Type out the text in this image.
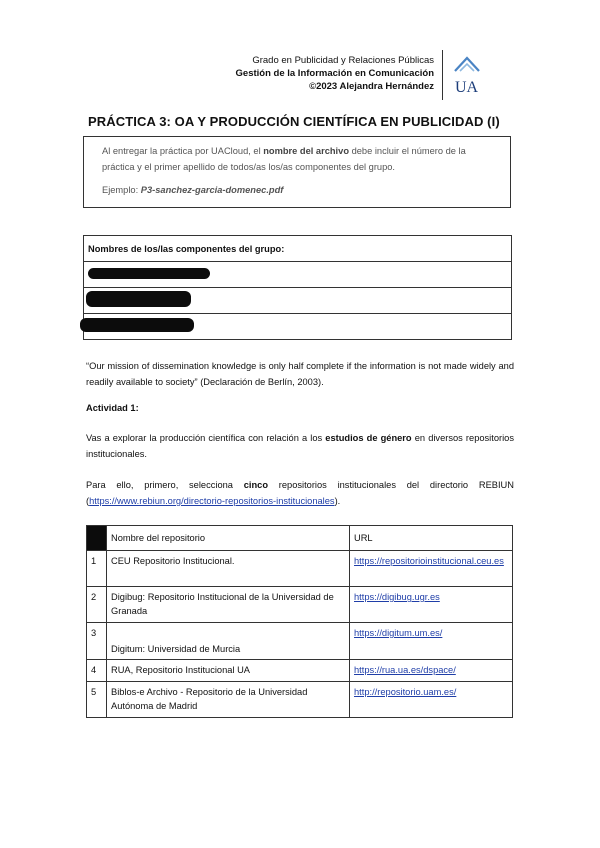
Grado en Publicidad y Relaciones Públicas
Gestión de la Información en Comunicación
©2023 Alejandra Hernández UA
PRÁCTICA 3: OA Y PRODUCCIÓN CIENTÍFICA EN PUBLICIDAD (I)
Al entregar la práctica por UACloud, el nombre del archivo debe incluir el número de la práctica y el primer apellido de todos/as los/as componentes del grupo.
Ejemplo: P3-sanchez-garcia-domenec.pdf
Nombres de los/las componentes del grupo:

“Our mission of dissemination knowledge is only half complete if the information is not made widely and readily available to society” (Declaración de Berlín, 2003).
Actividad 1:
Vas a explorar la producción científica con relación a los estudios de género en diversos repositorios institucionales.
Para ello, primero, selecciona cinco repositorios institucionales del directorio REBIUN (https://www.rebiun.org/directorio-repositorios-institucionales).
	Nombre del repositorio	URL
1	CEU Repositorio Institucional.	https://repositorioinstitucional.ceu.es
2	Digibug: Repositorio Institucional de la Universidad de Granada	https://digibug.ugr.es
3	Digitum: Universidad de Murcia	https://digitum.um.es/
4	RUA, Repositorio Institucional UA	https://rua.ua.es/dspace/
5	Biblos-e Archivo - Repositorio de la Universidad Autónoma de Madrid	http://repositorio.uam.es/
